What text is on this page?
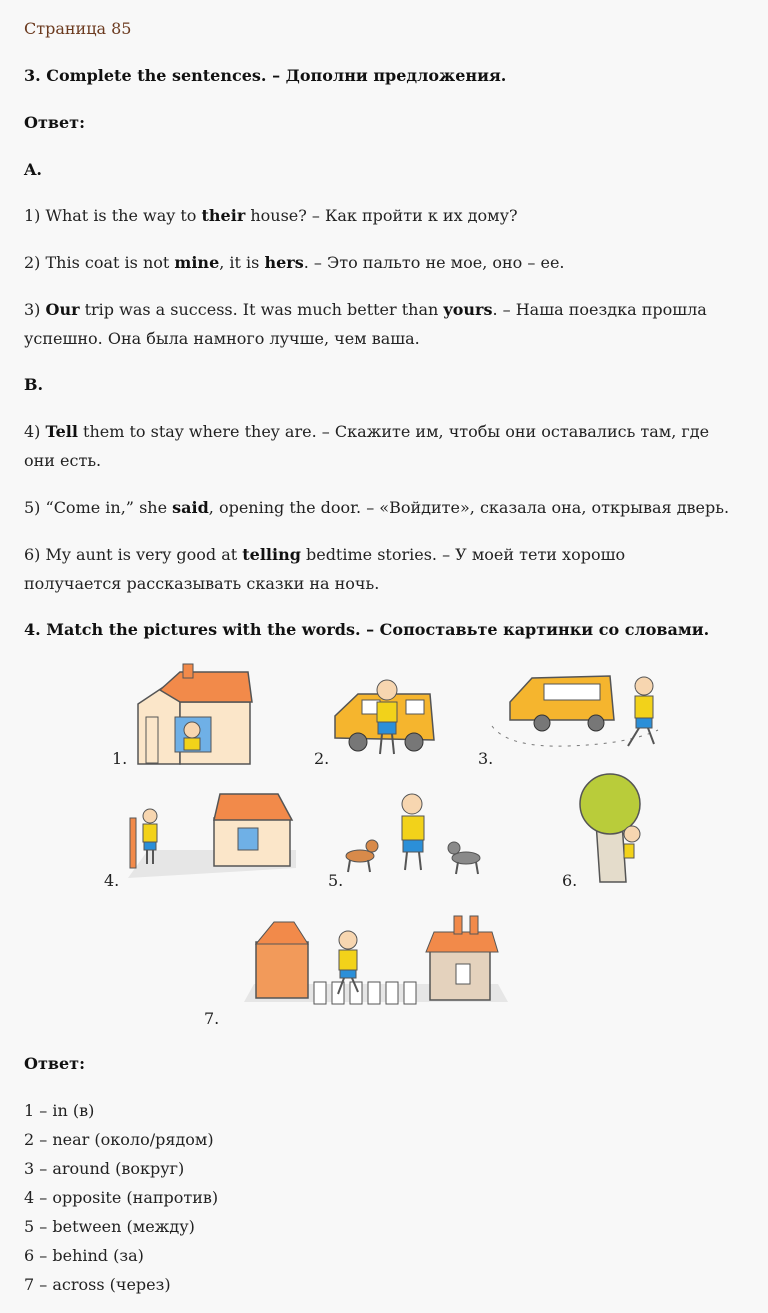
Страница 85

3. Complete the sentences. – Дополни предложения.

Ответ:

A.

1) What is the way to their house? – Как пройти к их дому?

2) This coat is not mine, it is hers. – Это пальто не мое, оно – ее.

3) Our trip was a success. It was much better than yours. – Наша поездка прошла успешно. Она была намного лучше, чем ваша.

B.

4) Tell them to stay where they are. – Скажите им, чтобы они оставались там, где они есть.

5) “Come in,” she said, opening the door. – «Войдите», сказала она, открывая дверь.

6) My aunt is very good at telling bedtime stories. – У моей тети хорошо получается рассказывать сказки на ночь.

4. Match the pictures with the words. – Сопоставьте картинки со словами.

1.	2.	3.
4.	5.	6.
7.

Ответ:

1 – in (в)
2 – near (около/рядом)
3 – around (вокруг)
4 – opposite (напротив)
5 – between (между)
6 – behind (за)
7 – across (через)
